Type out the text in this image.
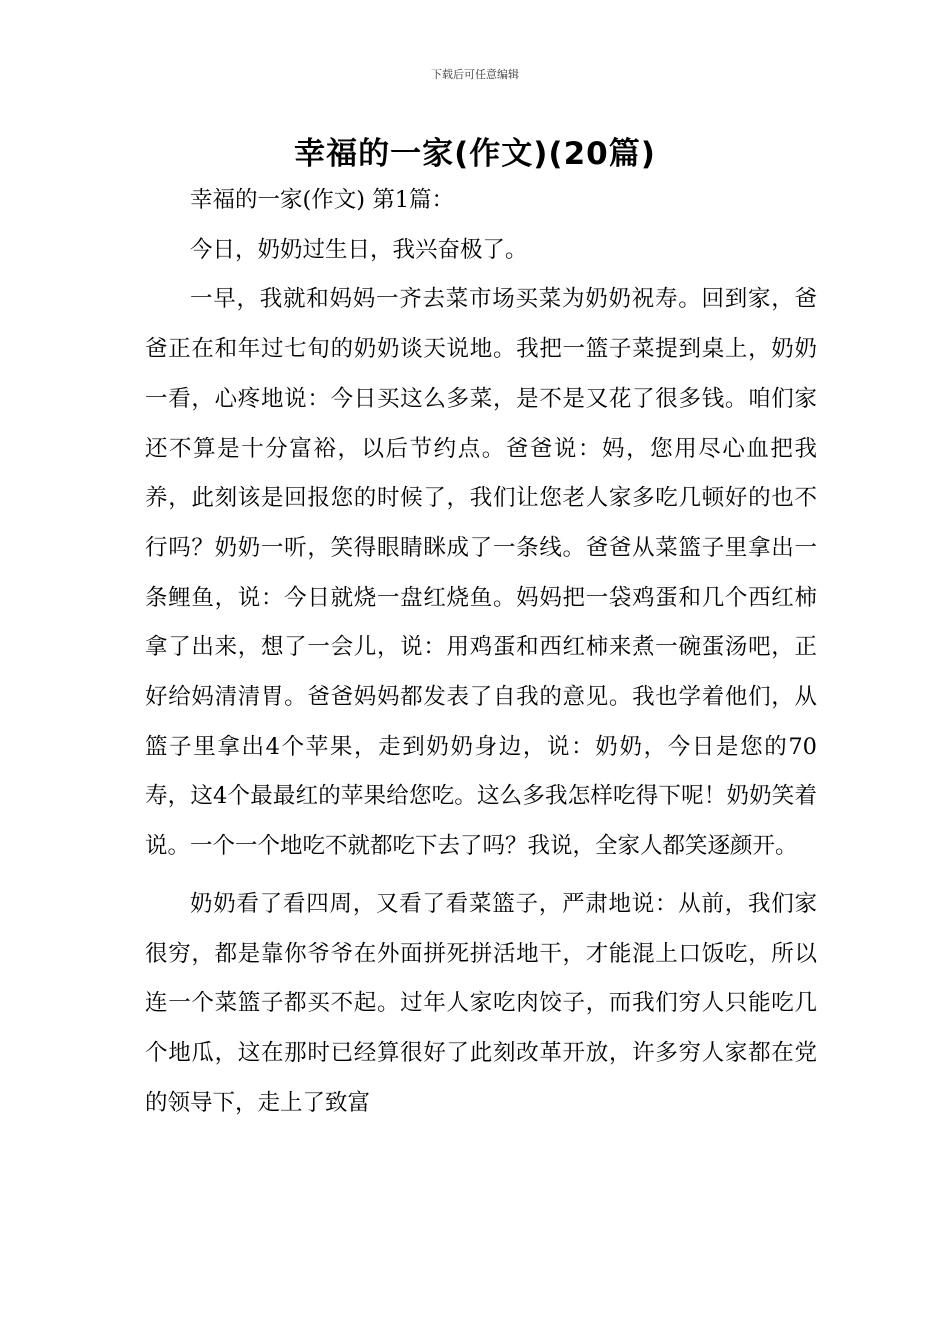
下载后可任意编辑
幸福的一家(作文)(20篇)

幸福的一家(作文) 第1篇：

今日，奶奶过生日，我兴奋极了。

一早，我就和妈妈一齐去菜市场买菜为奶奶祝寿。回到家，爸爸正在和年过七旬的奶奶谈天说地。我把一篮子菜提到桌上，奶奶一看，心疼地说：今日买这么多菜，是不是又花了很多钱。咱们家还不算是十分富裕，以后节约点。爸爸说：妈，您用尽心血把我养，此刻该是回报您的时候了，我们让您老人家多吃几顿好的也不行吗？奶奶一听，笑得眼睛眯成了一条线。爸爸从菜篮子里拿出一条鲤鱼，说：今日就烧一盘红烧鱼。妈妈把一袋鸡蛋和几个西红柿拿了出来，想了一会儿，说：用鸡蛋和西红柿来煮一碗蛋汤吧，正好给妈清清胃。爸爸妈妈都发表了自我的意见。我也学着他们，从篮子里拿出4个苹果，走到奶奶身边，说：奶奶，今日是您的70寿，这4个最最红的苹果给您吃。这么多我怎样吃得下呢！奶奶笑着说。一个一个地吃不就都吃下去了吗？我说，全家人都笑逐颜开。

奶奶看了看四周，又看了看菜篮子，严肃地说：从前，我们家很穷，都是靠你爷爷在外面拼死拼活地干，才能混上口饭吃，所以连一个菜篮子都买不起。过年人家吃肉饺子，而我们穷人只能吃几个地瓜，这在那时已经算很好了此刻改革开放，许多穷人家都在党的领导下，走上了致富
